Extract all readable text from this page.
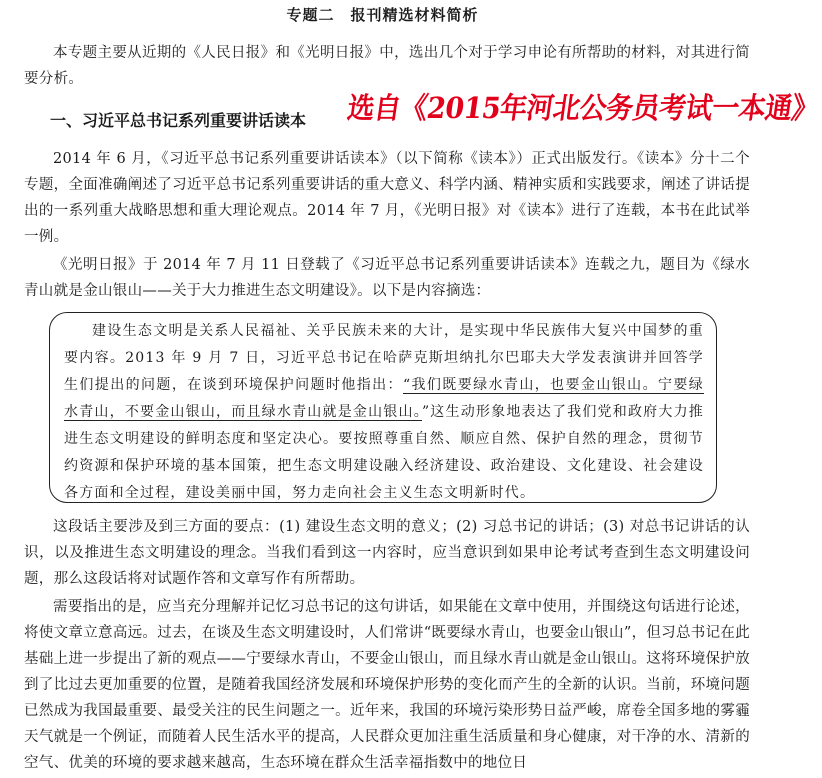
专题二　报刊精选材料简析

本专题主要从近期的《人民日报》和《光明日报》中，选出几个对于学习申论有所帮助的材料，对其进行简要分析。

一、习近平总书记系列重要讲话读本 选自《2015年河北公务员考试一本通》

2014 年 6 月，《习近平总书记系列重要讲话读本》（以下简称《读本》）正式出版发行。《读本》分十二个专题，全面准确阐述了习近平总书记系列重要讲话的重大意义、科学内涵、精神实质和实践要求，阐述了讲话提出的一系列重大战略思想和重大理论观点。2014 年 7 月，《光明日报》对《读本》进行了连载，本书在此试举一例。

《光明日报》于 2014 年 7 月 11 日登载了《习近平总书记系列重要讲话读本》连载之九，题目为《绿水青山就是金山银山——关于大力推进生态文明建设》。以下是内容摘选：

建设生态文明是关系人民福祉、关乎民族未来的大计，是实现中华民族伟大复兴中国梦的重要内容。2013 年 9 月 7 日，习近平总书记在哈萨克斯坦纳扎尔巴耶夫大学发表演讲并回答学生们提出的问题，在谈到环境保护问题时他指出：“我们既要绿水青山，也要金山银山。宁要绿水青山，不要金山银山，而且绿水青山就是金山银山。”这生动形象地表达了我们党和政府大力推进生态文明建设的鲜明态度和坚定决心。要按照尊重自然、顺应自然、保护自然的理念，贯彻节约资源和保护环境的基本国策，把生态文明建设融入经济建设、政治建设、文化建设、社会建设各方面和全过程，建设美丽中国，努力走向社会主义生态文明新时代。

这段话主要涉及到三方面的要点：(1) 建设生态文明的意义；(2) 习总书记的讲话；(3) 对总书记讲话的认识，以及推进生态文明建设的理念。当我们看到这一内容时，应当意识到如果申论考试考查到生态文明建设问题，那么这段话将对试题作答和文章写作有所帮助。

需要指出的是，应当充分理解并记忆习总书记的这句讲话，如果能在文章中使用，并围绕这句话进行论述，将使文章立意高远。过去，在谈及生态文明建设时，人们常讲“既要绿水青山，也要金山银山”，但习总书记在此基础上进一步提出了新的观点——宁要绿水青山，不要金山银山，而且绿水青山就是金山银山。这将环境保护放到了比过去更加重要的位置，是随着我国经济发展和环境保护形势的变化而产生的全新的认识。当前，环境问题已然成为我国最重要、最受关注的民生问题之一。近年来，我国的环境污染形势日益严峻，席卷全国多地的雾霾天气就是一个例证，而随着人民生活水平的提高，人民群众更加注重生活质量和身心健康，对干净的水、清新的空气、优美的环境的要求越来越高，生态环境在群众生活幸福指数中的地位日
